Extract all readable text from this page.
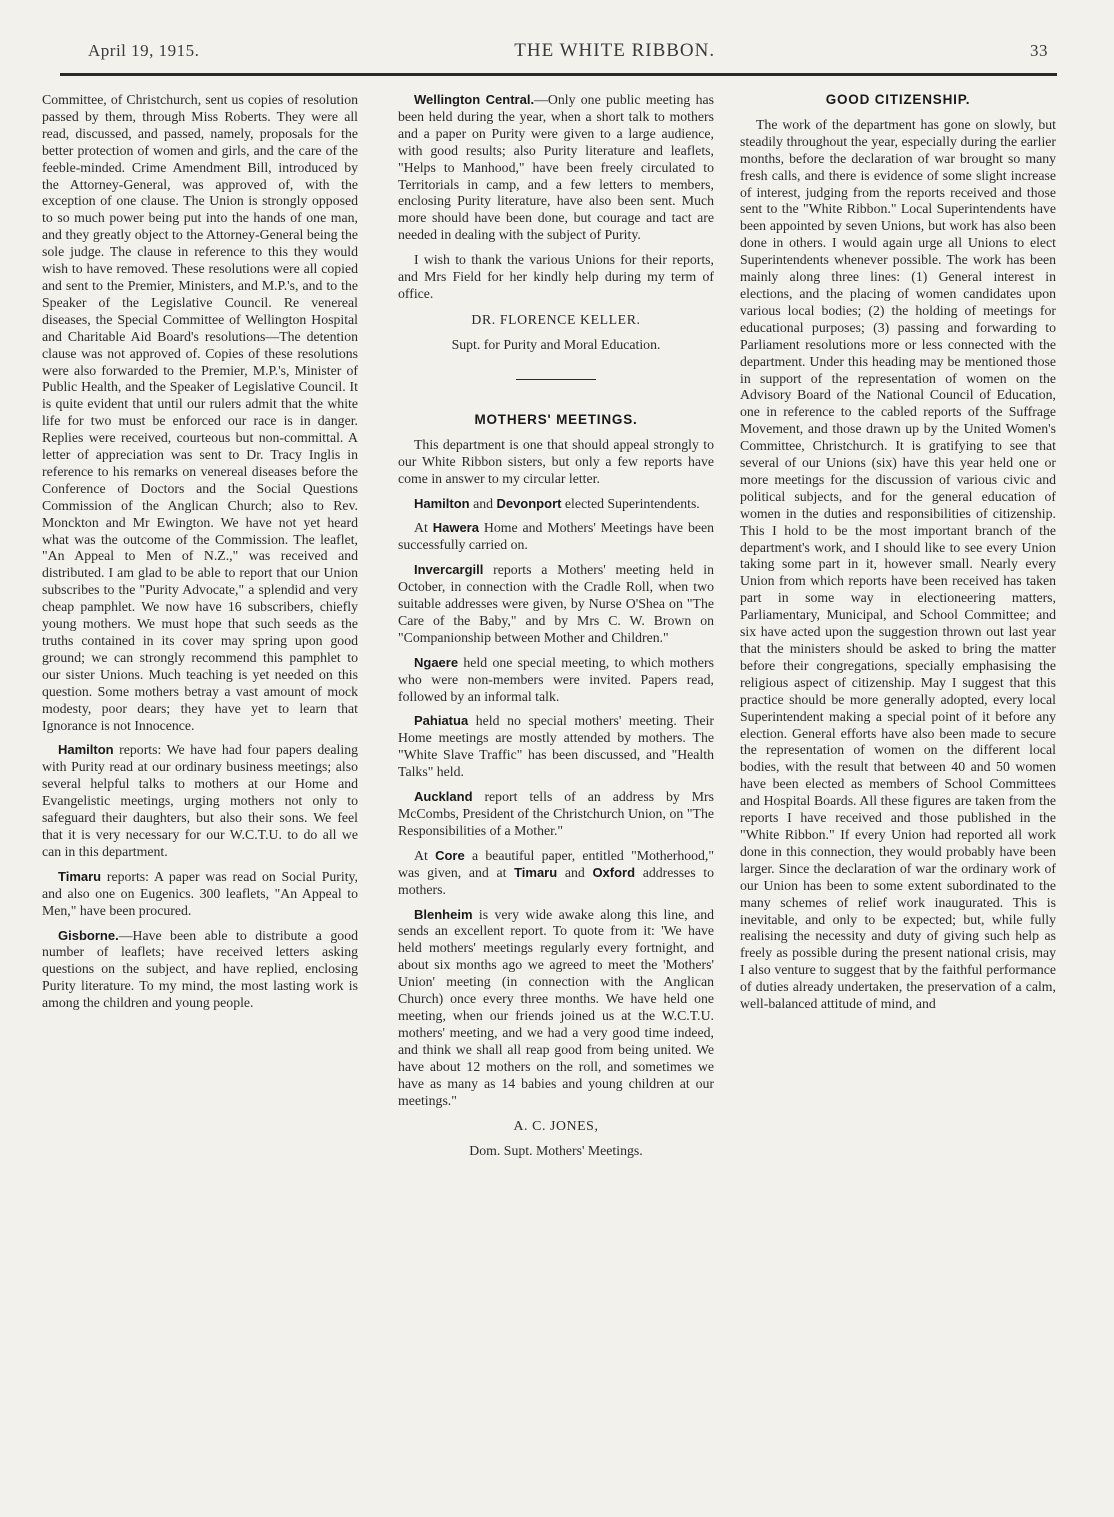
April 19, 1915.	THE WHITE RIBBON.	33

Committee, of Christchurch, sent us copies of resolution passed by them, through Miss Roberts. They were all read, discussed, and passed, namely, proposals for the better protection of women and girls, and the care of the feeble-minded. Crime Amendment Bill, introduced by the Attorney-General, was approved of, with the exception of one clause. The Union is strongly opposed to so much power being put into the hands of one man, and they greatly object to the Attorney-General being the sole judge. The clause in reference to this they would wish to have removed. These resolutions were all copied and sent to the Premier, Ministers, and M.P.'s, and to the Speaker of the Legislative Council. Re venereal diseases, the Special Committee of Wellington Hospital and Charitable Aid Board's resolutions—The detention clause was not approved of. Copies of these resolutions were also forwarded to the Premier, M.P.'s, Minister of Public Health, and the Speaker of Legislative Council. It is quite evident that until our rulers admit that the white life for two must be enforced our race is in danger. Replies were received, courteous but non-committal. A letter of appreciation was sent to Dr. Tracy Inglis in reference to his remarks on venereal diseases before the Conference of Doctors and the Social Questions Commission of the Anglican Church; also to Rev. Monckton and Mr Ewington. We have not yet heard what was the outcome of the Commission. The leaflet, "An Appeal to Men of N.Z.," was received and distributed. I am glad to be able to report that our Union subscribes to the "Purity Advocate," a splendid and very cheap pamphlet. We now have 16 subscribers, chiefly young mothers. We must hope that such seeds as the truths contained in its cover may spring upon good ground; we can strongly recommend this pamphlet to our sister Unions. Much teaching is yet needed on this question. Some mothers betray a vast amount of mock modesty, poor dears; they have yet to learn that Ignorance is not Innocence.

Hamilton reports: We have had four papers dealing with Purity read at our ordinary business meetings; also several helpful talks to mothers at our Home and Evangelistic meetings, urging mothers not only to safeguard their daughters, but also their sons. We feel that it is very necessary for our W.C.T.U. to do all we can in this department.

Timaru reports: A paper was read on Social Purity, and also one on Eugenics. 300 leaflets, "An Appeal to Men," have been procured.

Gisborne.—Have been able to distribute a good number of leaflets; have received letters asking questions on the subject, and have replied, enclosing Purity literature. To my mind, the most lasting work is among the children and young people.

Wellington Central.—Only one public meeting has been held during the year, when a short talk to mothers and a paper on Purity were given to a large audience, with good results; also Purity literature and leaflets, "Helps to Manhood," have been freely circulated to Territorials in camp, and a few letters to members, enclosing Purity literature, have also been sent. Much more should have been done, but courage and tact are needed in dealing with the subject of Purity.

I wish to thank the various Unions for their reports, and Mrs Field for her kindly help during my term of office.

DR. FLORENCE KELLER.

Supt. for Purity and Moral Education.

MOTHERS' MEETINGS.

This department is one that should appeal strongly to our White Ribbon sisters, but only a few reports have come in answer to my circular letter.

Hamilton and Devonport elected Superintendents.

At Hawera Home and Mothers' Meetings have been successfully carried on.

Invercargill reports a Mothers' meeting held in October, in connection with the Cradle Roll, when two suitable addresses were given, by Nurse O'Shea on "The Care of the Baby," and by Mrs C. W. Brown on "Companionship between Mother and Children."

Ngaere held one special meeting, to which mothers who were non-members were invited. Papers read, followed by an informal talk.

Pahiatua held no special mothers' meeting. Their Home meetings are mostly attended by mothers. The "White Slave Traffic" has been discussed, and "Health Talks" held.

Auckland report tells of an address by Mrs McCombs, President of the Christchurch Union, on "The Responsibilities of a Mother."

At Core a beautiful paper, entitled "Motherhood," was given, and at Timaru and Oxford addresses to mothers.

Blenheim is very wide awake along this line, and sends an excellent report. To quote from it: 'We have held mothers' meetings regularly every fortnight, and about six months ago we agreed to meet the 'Mothers' Union' meeting (in connection with the Anglican Church) once every three months. We have held one meeting, when our friends joined us at the W.C.T.U. mothers' meeting, and we had a very good time indeed, and think we shall all reap good from being united. We have about 12 mothers on the roll, and sometimes we have as many as 14 babies and young children at our meetings."

A. C. JONES,

Dom. Supt. Mothers' Meetings.

GOOD CITIZENSHIP.

The work of the department has gone on slowly, but steadily throughout the year, especially during the earlier months, before the declaration of war brought so many fresh calls, and there is evidence of some slight increase of interest, judging from the reports received and those sent to the "White Ribbon." Local Superintendents have been appointed by seven Unions, but work has also been done in others. I would again urge all Unions to elect Superintendents whenever possible. The work has been mainly along three lines: (1) General interest in elections, and the placing of women candidates upon various local bodies; (2) the holding of meetings for educational purposes; (3) passing and forwarding to Parliament resolutions more or less connected with the department. Under this heading may be mentioned those in support of the representation of women on the Advisory Board of the National Council of Education, one in reference to the cabled reports of the Suffrage Movement, and those drawn up by the United Women's Committee, Christchurch. It is gratifying to see that several of our Unions (six) have this year held one or more meetings for the discussion of various civic and political subjects, and for the general education of women in the duties and responsibilities of citizenship. This I hold to be the most important branch of the department's work, and I should like to see every Union taking some part in it, however small. Nearly every Union from which reports have been received has taken part in some way in electioneering matters, Parliamentary, Municipal, and School Committee; and six have acted upon the suggestion thrown out last year that the ministers should be asked to bring the matter before their congregations, specially emphasising the religious aspect of citizenship. May I suggest that this practice should be more generally adopted, every local Superintendent making a special point of it before any election. General efforts have also been made to secure the representation of women on the different local bodies, with the result that between 40 and 50 women have been elected as members of School Committees and Hospital Boards. All these figures are taken from the reports I have received and those published in the "White Ribbon." If every Union had reported all work done in this connection, they would probably have been larger. Since the declaration of war the ordinary work of our Union has been to some extent subordinated to the many schemes of relief work inaugurated. This is inevitable, and only to be expected; but, while fully realising the necessity and duty of giving such help as freely as possible during the present national crisis, may I also venture to suggest that by the faithful performance of duties already undertaken, the preservation of a calm, well-balanced attitude of mind, and
